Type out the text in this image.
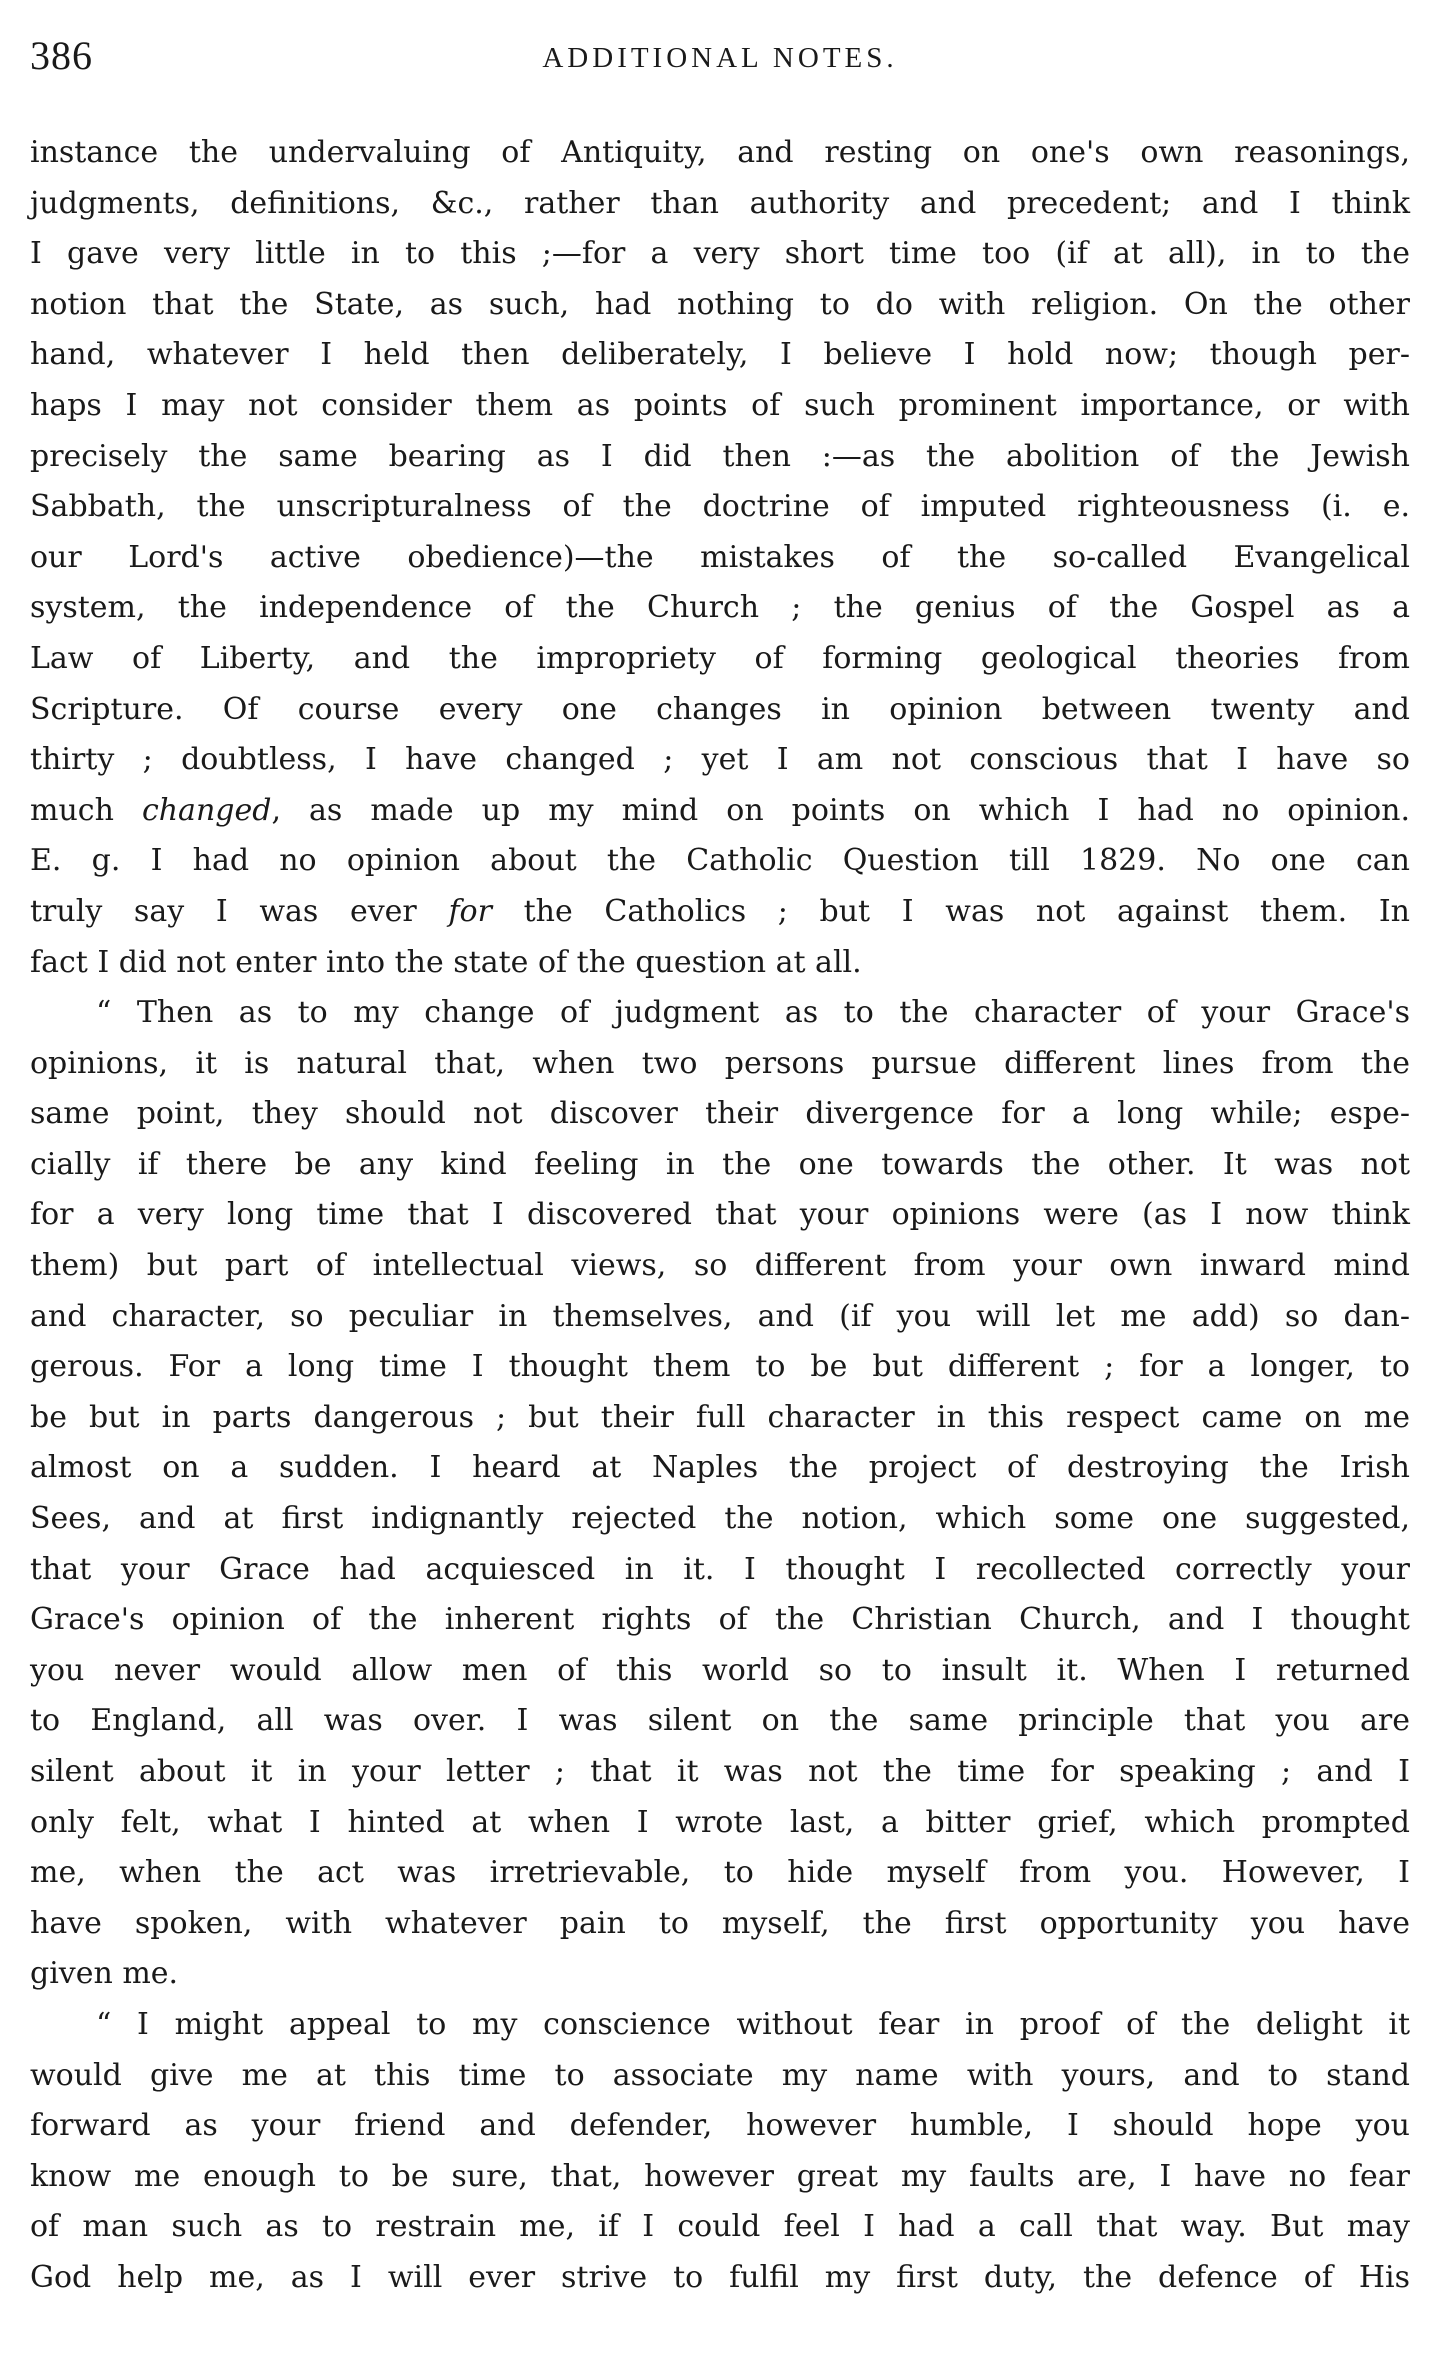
386	ADDITIONAL NOTES.
instance the undervaluing of Antiquity, and resting on one's own reasonings,
judgments, definitions, &c., rather than authority and precedent; and I think
I gave very little in to this ;—for a very short time too (if at all), in to the
notion that the State, as such, had nothing to do with religion. On the other
hand, whatever I held then deliberately, I believe I hold now; though per-
haps I may not consider them as points of such prominent importance, or with
precisely the same bearing as I did then :—as the abolition of the Jewish
Sabbath, the unscripturalness of the doctrine of imputed righteousness (i. e.
our Lord's active obedience)—the mistakes of the so-called Evangelical
system, the independence of the Church ; the genius of the Gospel as a
Law of Liberty, and the impropriety of forming geological theories from
Scripture. Of course every one changes in opinion between twenty and
thirty ; doubtless, I have changed ; yet I am not conscious that I have so
much changed, as made up my mind on points on which I had no opinion.
E. g. I had no opinion about the Catholic Question till 1829. No one can
truly say I was ever for the Catholics ; but I was not against them. In
fact I did not enter into the state of the question at all.
“ Then as to my change of judgment as to the character of your Grace's
opinions, it is natural that, when two persons pursue different lines from the
same point, they should not discover their divergence for a long while; espe-
cially if there be any kind feeling in the one towards the other. It was not
for a very long time that I discovered that your opinions were (as I now think
them) but part of intellectual views, so different from your own inward mind
and character, so peculiar in themselves, and (if you will let me add) so dan-
gerous. For a long time I thought them to be but different ; for a longer, to
be but in parts dangerous ; but their full character in this respect came on me
almost on a sudden. I heard at Naples the project of destroying the Irish
Sees, and at first indignantly rejected the notion, which some one suggested,
that your Grace had acquiesced in it. I thought I recollected correctly your
Grace's opinion of the inherent rights of the Christian Church, and I thought
you never would allow men of this world so to insult it. When I returned
to England, all was over. I was silent on the same principle that you are
silent about it in your letter ; that it was not the time for speaking ; and I
only felt, what I hinted at when I wrote last, a bitter grief, which prompted
me, when the act was irretrievable, to hide myself from you. However, I
have spoken, with whatever pain to myself, the first opportunity you have
given me.
“ I might appeal to my conscience without fear in proof of the delight it
would give me at this time to associate my name with yours, and to stand
forward as your friend and defender, however humble, I should hope you
know me enough to be sure, that, however great my faults are, I have no fear
of man such as to restrain me, if I could feel I had a call that way. But may
God help me, as I will ever strive to fulfil my first duty, the defence of His
